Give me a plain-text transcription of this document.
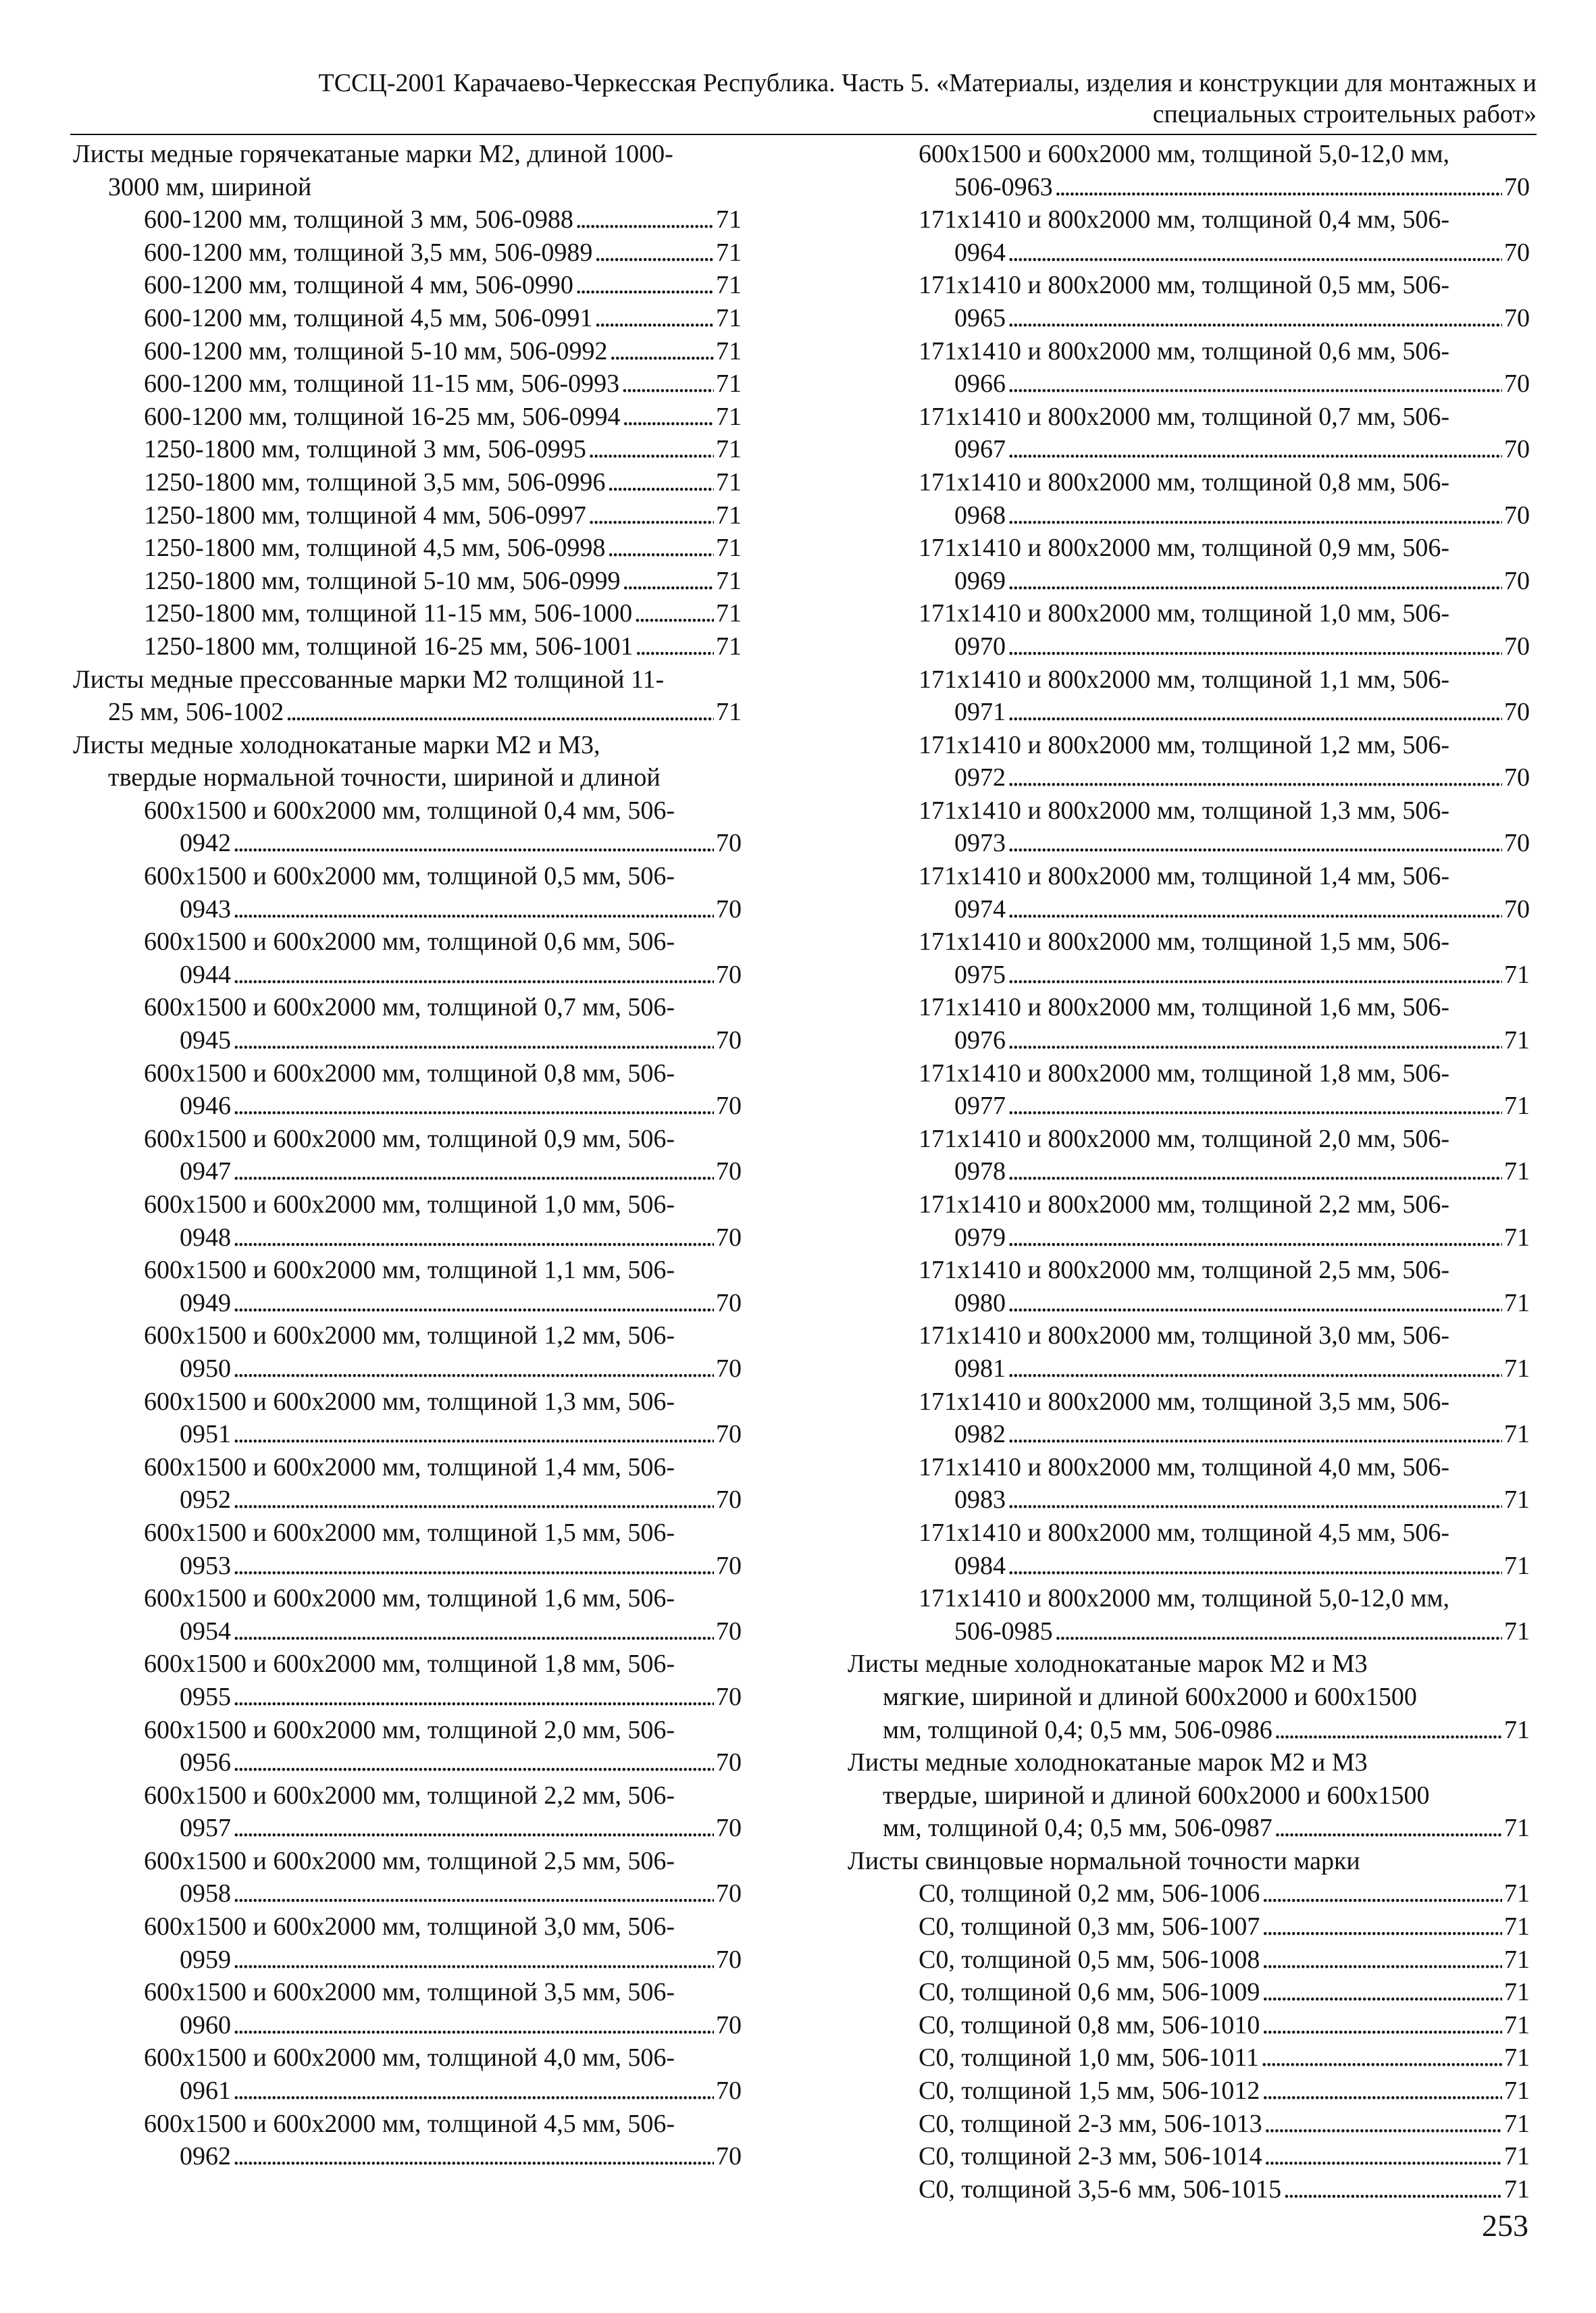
ТССЦ-2001 Карачаево-Черкесская Республика. Часть 5. «Материалы, изделия и конструкции для монтажных и
специальных строительных работ»
Листы медные горячекатаные марки М2, длиной 1000-
3000 мм, шириной
600-1200 мм, толщиной 3 мм, 506-0988 . . .	71
600-1200 мм, толщиной 3,5 мм, 506-0989 . . .	71
600-1200 мм, толщиной 4 мм, 506-0990 . . .	71
600-1200 мм, толщиной 4,5 мм, 506-0991 . . .	71
600-1200 мм, толщиной 5-10 мм, 506-0992 . . .	71
600-1200 мм, толщиной 11-15 мм, 506-0993 . . .	71
600-1200 мм, толщиной 16-25 мм, 506-0994 . . .	71
1250-1800 мм, толщиной 3 мм, 506-0995 . . .	71
1250-1800 мм, толщиной 3,5 мм, 506-0996 . . .	71
1250-1800 мм, толщиной 4 мм, 506-0997 . . .	71
1250-1800 мм, толщиной 4,5 мм, 506-0998 . . .	71
1250-1800 мм, толщиной 5-10 мм, 506-0999 . . .	71
1250-1800 мм, толщиной 11-15 мм, 506-1000 . . .	71
1250-1800 мм, толщиной 16-25 мм, 506-1001 . . .	71
Листы медные прессованные марки М2 толщиной 11-
25 мм, 506-1002 . . .	71
Листы медные холоднокатаные марки М2 и М3,
твердые нормальной точности, шириной и длиной
600x1500 и 600x2000 мм, толщиной 0,4 мм, 506-
0942 . . .	70
600x1500 и 600x2000 мм, толщиной 0,5 мм, 506-
0943 . . .	70
600x1500 и 600x2000 мм, толщиной 0,6 мм, 506-
0944 . . .	70
600x1500 и 600x2000 мм, толщиной 0,7 мм, 506-
0945 . . .	70
600x1500 и 600x2000 мм, толщиной 0,8 мм, 506-
0946 . . .	70
600x1500 и 600x2000 мм, толщиной 0,9 мм, 506-
0947 . . .	70
600x1500 и 600x2000 мм, толщиной 1,0 мм, 506-
0948 . . .	70
600x1500 и 600x2000 мм, толщиной 1,1 мм, 506-
0949 . . .	70
600x1500 и 600x2000 мм, толщиной 1,2 мм, 506-
0950 . . .	70
600x1500 и 600x2000 мм, толщиной 1,3 мм, 506-
0951 . . .	70
600x1500 и 600x2000 мм, толщиной 1,4 мм, 506-
0952 . . .	70
600x1500 и 600x2000 мм, толщиной 1,5 мм, 506-
0953 . . .	70
600x1500 и 600x2000 мм, толщиной 1,6 мм, 506-
0954 . . .	70
600x1500 и 600x2000 мм, толщиной 1,8 мм, 506-
0955 . . .	70
600x1500 и 600x2000 мм, толщиной 2,0 мм, 506-
0956 . . .	70
600x1500 и 600x2000 мм, толщиной 2,2 мм, 506-
0957 . . .	70
600x1500 и 600x2000 мм, толщиной 2,5 мм, 506-
0958 . . .	70
600x1500 и 600x2000 мм, толщиной 3,0 мм, 506-
0959 . . .	70
600x1500 и 600x2000 мм, толщиной 3,5 мм, 506-
0960 . . .	70
600x1500 и 600x2000 мм, толщиной 4,0 мм, 506-
0961 . . .	70
600x1500 и 600x2000 мм, толщиной 4,5 мм, 506-
0962 . . .	70
600x1500 и 600x2000 мм, толщиной 5,0-12,0 мм,
506-0963 . . .	70
171x1410 и 800x2000 мм, толщиной 0,4 мм, 506-
0964 . . .	70
171x1410 и 800x2000 мм, толщиной 0,5 мм, 506-
0965 . . .	70
171x1410 и 800x2000 мм, толщиной 0,6 мм, 506-
0966 . . .	70
171x1410 и 800x2000 мм, толщиной 0,7 мм, 506-
0967 . . .	70
171x1410 и 800x2000 мм, толщиной 0,8 мм, 506-
0968 . . .	70
171x1410 и 800x2000 мм, толщиной 0,9 мм, 506-
0969 . . .	70
171x1410 и 800x2000 мм, толщиной 1,0 мм, 506-
0970 . . .	70
171x1410 и 800x2000 мм, толщиной 1,1 мм, 506-
0971 . . .	70
171x1410 и 800x2000 мм, толщиной 1,2 мм, 506-
0972 . . .	70
171x1410 и 800x2000 мм, толщиной 1,3 мм, 506-
0973 . . .	70
171x1410 и 800x2000 мм, толщиной 1,4 мм, 506-
0974 . . .	70
171x1410 и 800x2000 мм, толщиной 1,5 мм, 506-
0975 . . .	71
171x1410 и 800x2000 мм, толщиной 1,6 мм, 506-
0976 . . .	71
171x1410 и 800x2000 мм, толщиной 1,8 мм, 506-
0977 . . .	71
171x1410 и 800x2000 мм, толщиной 2,0 мм, 506-
0978 . . .	71
171x1410 и 800x2000 мм, толщиной 2,2 мм, 506-
0979 . . .	71
171x1410 и 800x2000 мм, толщиной 2,5 мм, 506-
0980 . . .	71
171x1410 и 800x2000 мм, толщиной 3,0 мм, 506-
0981 . . .	71
171x1410 и 800x2000 мм, толщиной 3,5 мм, 506-
0982 . . .	71
171x1410 и 800x2000 мм, толщиной 4,0 мм, 506-
0983 . . .	71
171x1410 и 800x2000 мм, толщиной 4,5 мм, 506-
0984 . . .	71
171x1410 и 800x2000 мм, толщиной 5,0-12,0 мм,
506-0985 . . .	71
Листы медные холоднокатаные марок М2 и М3
мягкие, шириной и длиной 600x2000 и 600x1500
мм, толщиной 0,4; 0,5 мм, 506-0986 . . .	71
Листы медные холоднокатаные марок М2 и М3
твердые, шириной и длиной 600x2000 и 600x1500
мм, толщиной 0,4; 0,5 мм, 506-0987 . . .	71
Листы свинцовые нормальной точности марки
С0, толщиной 0,2 мм, 506-1006 . . .	71
С0, толщиной 0,3 мм, 506-1007 . . .	71
С0, толщиной 0,5 мм, 506-1008 . . .	71
С0, толщиной 0,6 мм, 506-1009 . . .	71
С0, толщиной 0,8 мм, 506-1010 . . .	71
С0, толщиной 1,0 мм, 506-1011 . . .	71
С0, толщиной 1,5 мм, 506-1012 . . .	71
С0, толщиной 2-3 мм, 506-1013 . . .	71
С0, толщиной 2-3 мм, 506-1014 . . .	71
С0, толщиной 3,5-6 мм, 506-1015 . . .	71
253
